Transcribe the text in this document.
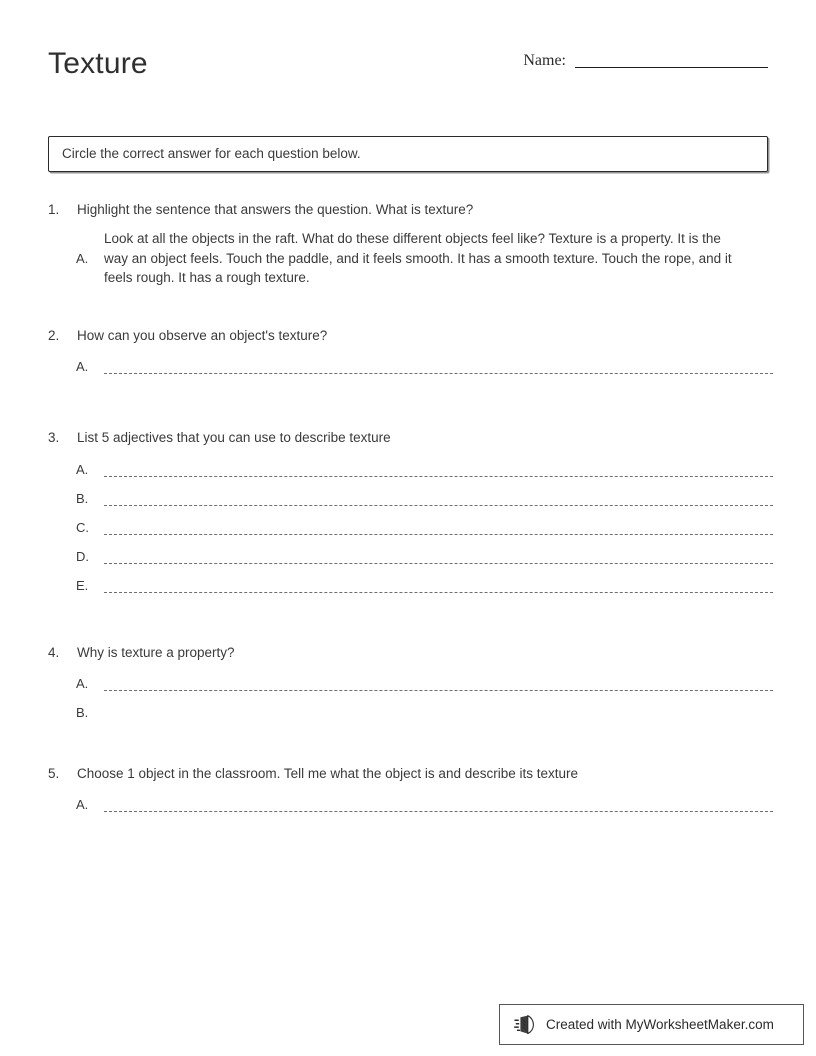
Texture	Name:
Circle the correct answer for each question below.
1.	Highlight the sentence that answers the question. What is texture?
A.
Look at all the objects in the raft. What do these different objects feel like? Texture is a property. It is the way an object feels. Touch the paddle, and it feels smooth. It has a smooth texture. Touch the rope, and it feels rough. It has a rough texture.
2.	How can you observe an object's texture?
A.
3.	List 5 adjectives that you can use to describe texture
A.
B.
C.
D.
E.
4.	Why is texture a property?
A.
B.
5.	Choose 1 object in the classroom. Tell me what the object is and describe its texture
A.
Created with MyWorksheetMaker.com
